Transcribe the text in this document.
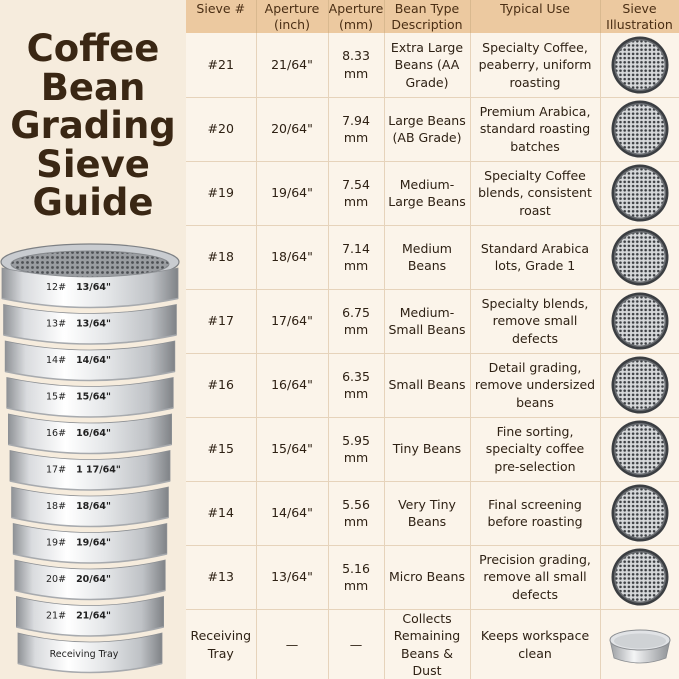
Coffee
Bean
Grading
Sieve
Guide
12# 13/64"
13# 13/64"
14# 14/64"
15# 15/64"
16# 16/64"
17# 1 17/64"
18# 18/64"
19# 19/64"
20# 20/64"
21# 21/64"
Receiving Tray
Sieve #	Aperture (inch)	Aperture (mm)	Bean Type Description	Typical Use	Sieve Illustration
#21	21/64"	8.33 mm	Extra Large Beans (AA Grade)	Specialty Coffee, peaberry, uniform roasting	

#20	20/64"	7.94 mm	Large Beans (AB Grade)	Premium Arabica, standard roasting batches	

#19	19/64"	7.54 mm	Medium-Large Beans	Specialty Coffee blends, consistent roast	

#18	18/64"	7.14 mm	Medium Beans	Standard Arabica lots, Grade 1	

#17	17/64"	6.75 mm	Medium-Small Beans	Specialty blends, remove small defects	

#16	16/64"	6.35 mm	Small Beans	Detail grading, remove undersized beans	

#15	15/64"	5.95 mm	Tiny Beans	Fine sorting, specialty coffee pre-selection	

#14	14/64"	5.56 mm	Very Tiny Beans	Final screening before roasting	

#13	13/64"	5.16 mm	Micro Beans	Precision grading, remove all small defects	

Receiving Tray	—	—	Collects Remaining Beans & Dust	Keeps workspace clean	
